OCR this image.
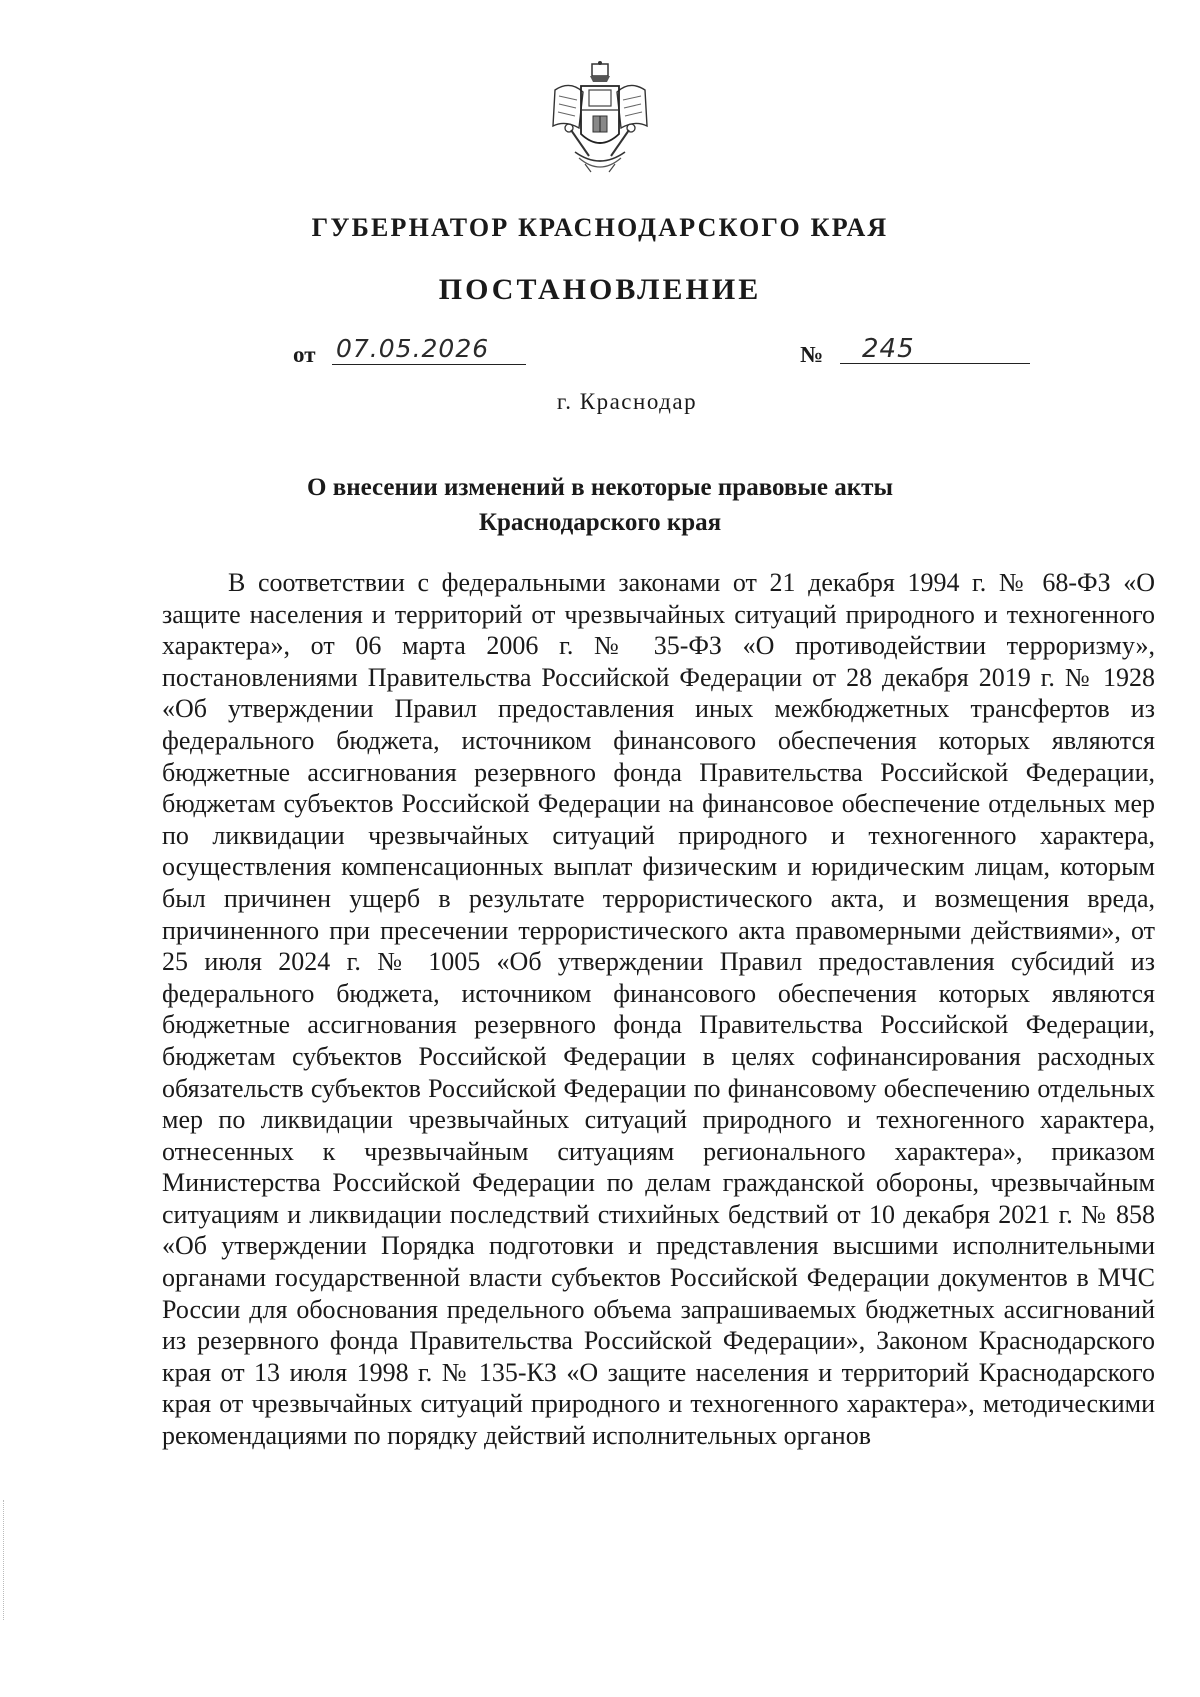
ГУБЕРНАТОР КРАСНОДАРСКОГО КРАЯ
ПОСТАНОВЛЕНИЕ
от 07.05.2026	№	245
г. Краснодар
О внесении изменений в некоторые правовые акты
Краснодарского края

В соответствии с федеральными законами от 21 декабря 1994 г. № 68-ФЗ «О защите населения и территорий от чрезвычайных ситуаций природного и техногенного характера», от 06 марта 2006 г. № 35-ФЗ «О противодействии терроризму», постановлениями Правительства Российской Федерации от 28 декабря 2019 г. № 1928 «Об утверждении Правил предоставления иных межбюджетных трансфертов из федерального бюджета, источником финансового обеспечения которых являются бюджетные ассигнования резервного фонда Правительства Российской Федерации, бюджетам субъектов Российской Федерации на финансовое обеспечение отдельных мер по ликвидации чрезвычайных ситуаций природного и техногенного характера, осуществления компенсационных выплат физическим и юридическим лицам, которым был причинен ущерб в результате террористического акта, и возмещения вреда, причиненного при пресечении террористического акта правомерными действиями», от 25 июля 2024 г. № 1005 «Об утверждении Правил предоставления субсидий из федерального бюджета, источником финансового обеспечения которых являются бюджетные ассигнования резервного фонда Правительства Российской Федерации, бюджетам субъектов Российской Федерации в целях софинансирования расходных обязательств субъектов Российской Федерации по финансовому обеспечению отдельных мер по ликвидации чрезвычайных ситуаций природного и техногенного характера, отнесенных к чрезвычайным ситуациям регионального характера», приказом Министерства Российской Федерации по делам гражданской обороны, чрезвычайным ситуациям и ликвидации последствий стихийных бедствий от 10 декабря 2021 г. № 858 «Об утверждении Порядка подготовки и представления высшими исполнительными органами государственной власти субъектов Российской Федерации документов в МЧС России для обоснования предельного объема запрашиваемых бюджетных ассигнований из резервного фонда Правительства Российской Федерации», Законом Краснодарского края от 13 июля 1998 г. № 135-КЗ «О защите населения и территорий Краснодарского края от чрезвычайных ситуаций природного и техногенного характера», методическими рекомендациями по порядку действий исполнительных органов
